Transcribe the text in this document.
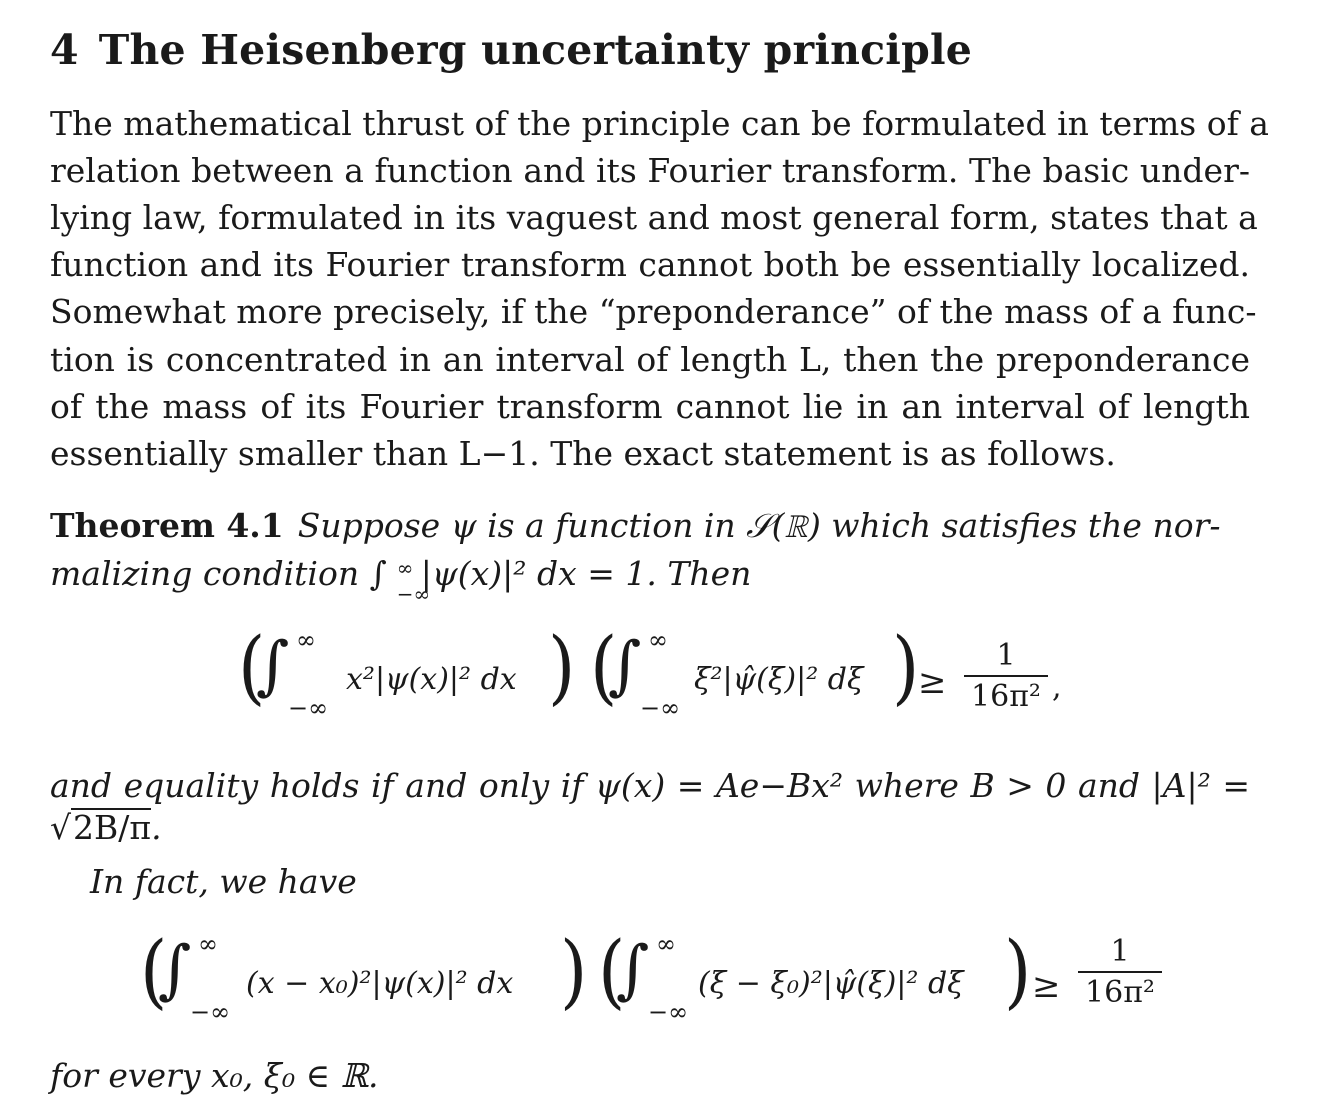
4 The Heisenberg uncertainty principle
The mathematical thrust of the principle can be formulated in terms of a
relation between a function and its Fourier transform. The basic under-
lying law, formulated in its vaguest and most general form, states that a
function and its Fourier transform cannot both be essentially localized.
Somewhat more precisely, if the “preponderance” of the mass of a func-
tion is concentrated in an interval of length L, then the preponderance
of the mass of its Fourier transform cannot lie in an interval of length
essentially smaller than L−1. The exact statement is as follows.
Theorem 4.1 Suppose ψ is a function in 𝒮(ℝ) which satisfies the nor-
malizing condition ∫ ∞
−∞
|ψ(x)|² dx = 1. Then
(
∫ ∞
−∞
x²|ψ(x)|² dx ) (
∫ ∞
−∞
ξ²|ψ̂(ξ)|² dξ )
≥ $\frac{1}{\text{16π²}}$ ,
and equality holds if and only if ψ(x) = Ae−Bx² where B > 0 and |A|² =
√2B/π.
In fact, we have
(
∫ ∞
−∞
(x − x₀)²|ψ(x)|² dx ) (
∫ ∞
−∞
(ξ − ξ₀)²|ψ̂(ξ)|² dξ ) ≥ $\frac{1}{\text{16π²}}$
for every x₀, ξ₀ ∈ ℝ.
